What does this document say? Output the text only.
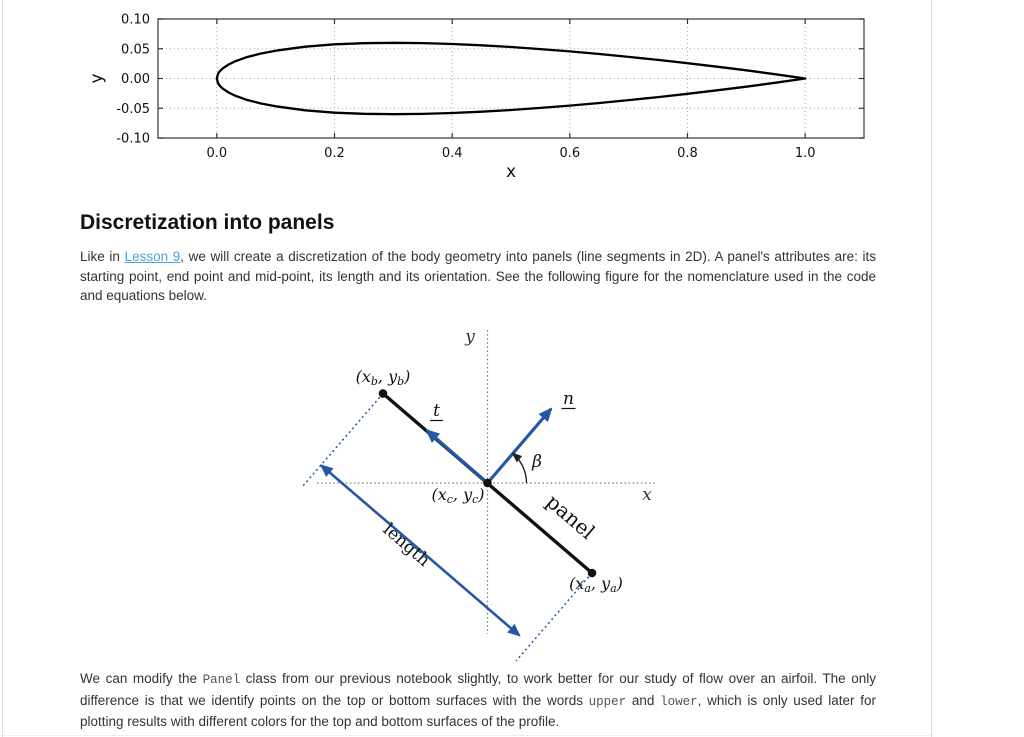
0.0	0.2	0.4	0.6	0.8	1.0
-0.10
-0.05
0.00
0.05
0.10
x
y
Discretization into panels

Like in Lesson 9, we will create a discretization of the body geometry into panels (line segments in 2D). A panel's attributes are: its starting point, end point and mid-point, its length and its orientation. See the following figure for the nomenclature used in the code and equations below.

y
x
length
panel
t
n
β
(xb, yb)
(xc, yc)
(xa, ya)

We can modify the Panel class from our previous notebook slightly, to work better for our study of flow over an airfoil. The only difference is that we identify points on the top or bottom surfaces with the words upper and lower, which is only used later for plotting results with different colors for the top and bottom surfaces of the profile.
